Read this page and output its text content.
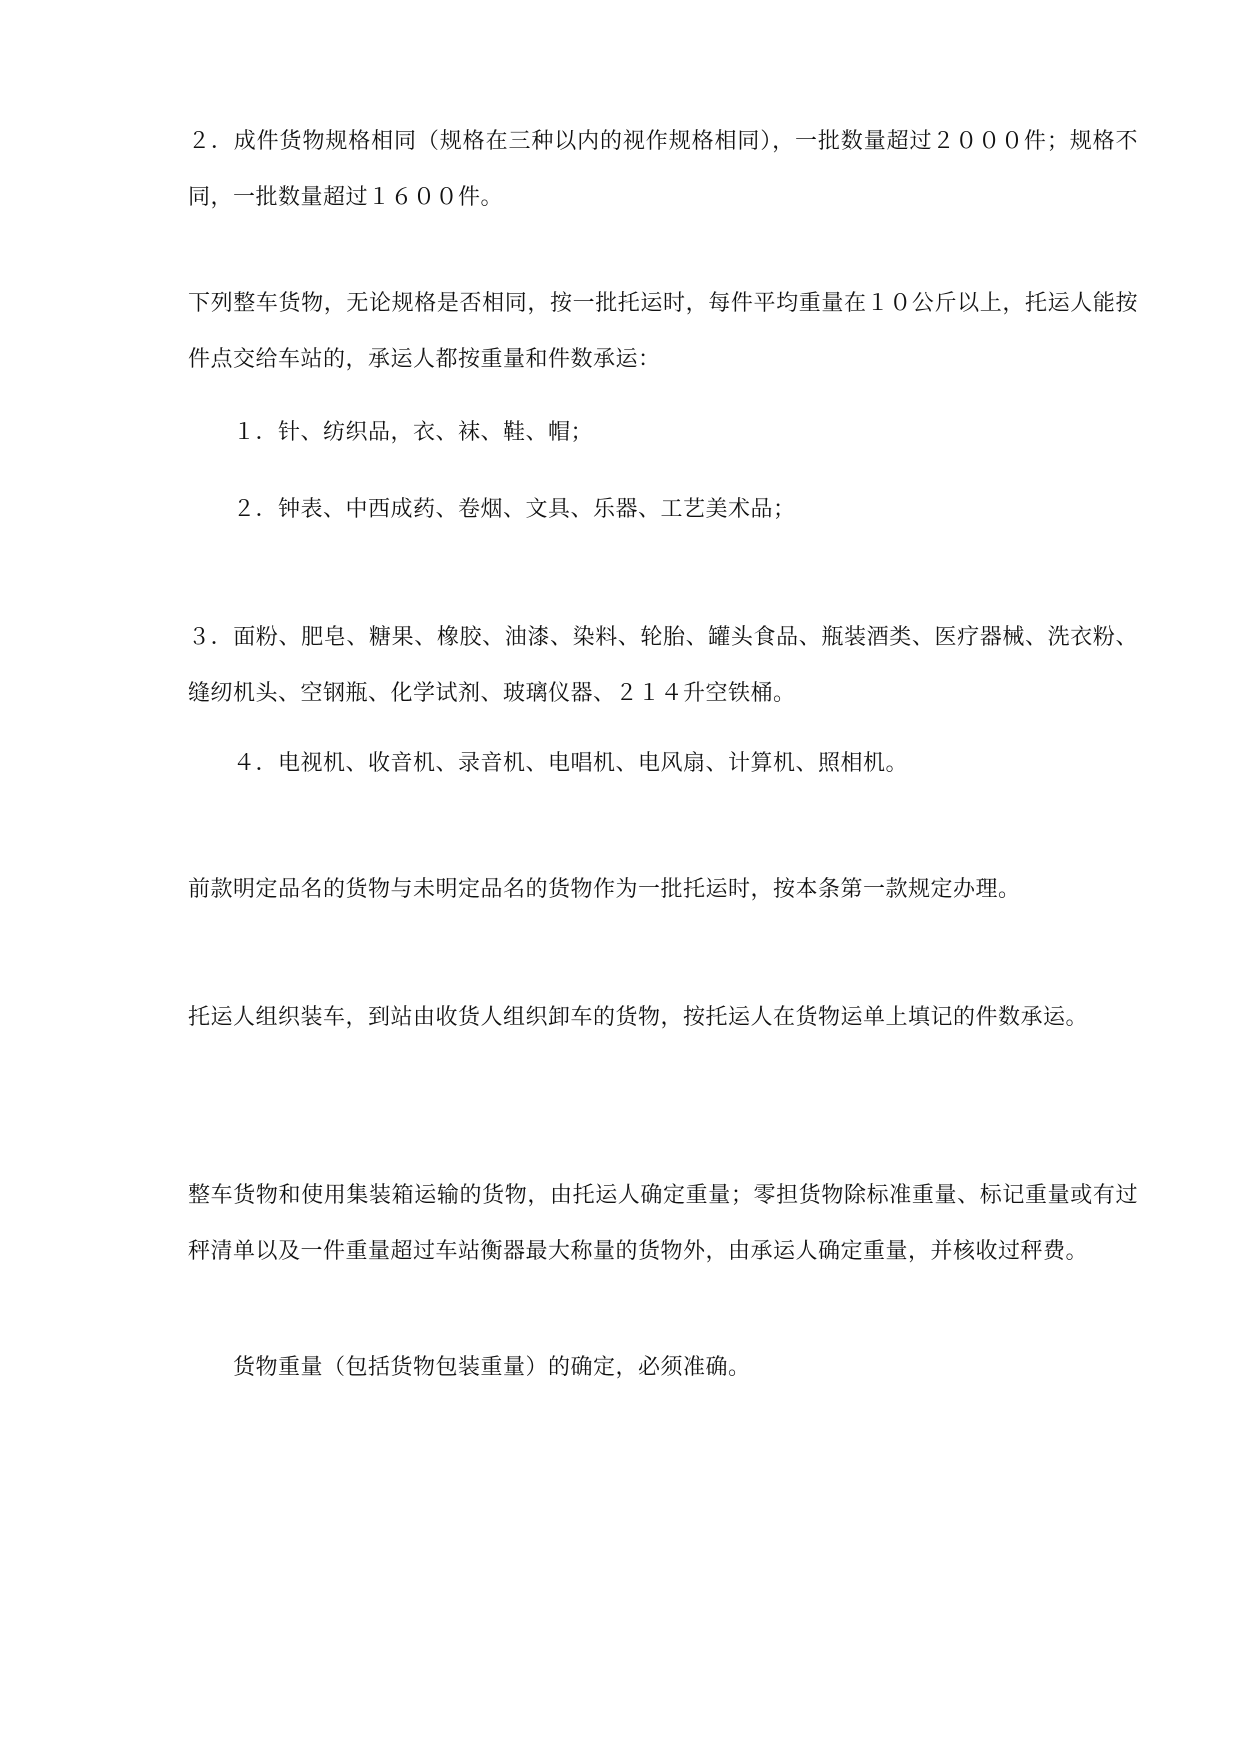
２．成件货物规格相同（规格在三种以内的视作规格相同），一批数量超过２０００件；规格不同，一批数量超过１６００件。

下列整车货物，无论规格是否相同，按一批托运时，每件平均重量在１０公斤以上，托运人能按件点交给车站的，承运人都按重量和件数承运：

１．针、纺织品，衣、袜、鞋、帽；

２．钟表、中西成药、卷烟、文具、乐器、工艺美术品；

３．面粉、肥皂、糖果、橡胶、油漆、染料、轮胎、罐头食品、瓶装酒类、医疗器械、洗衣粉、缝纫机头、空钢瓶、化学试剂、玻璃仪器、２１４升空铁桶。

４．电视机、收音机、录音机、电唱机、电风扇、计算机、照相机。

前款明定品名的货物与未明定品名的货物作为一批托运时，按本条第一款规定办理。

托运人组织装车，到站由收货人组织卸车的货物，按托运人在货物运单上填记的件数承运。

整车货物和使用集装箱运输的货物，由托运人确定重量；零担货物除标准重量、标记重量或有过秤清单以及一件重量超过车站衡器最大称量的货物外，由承运人确定重量，并核收过秤费。

货物重量（包括货物包装重量）的确定，必须准确。
